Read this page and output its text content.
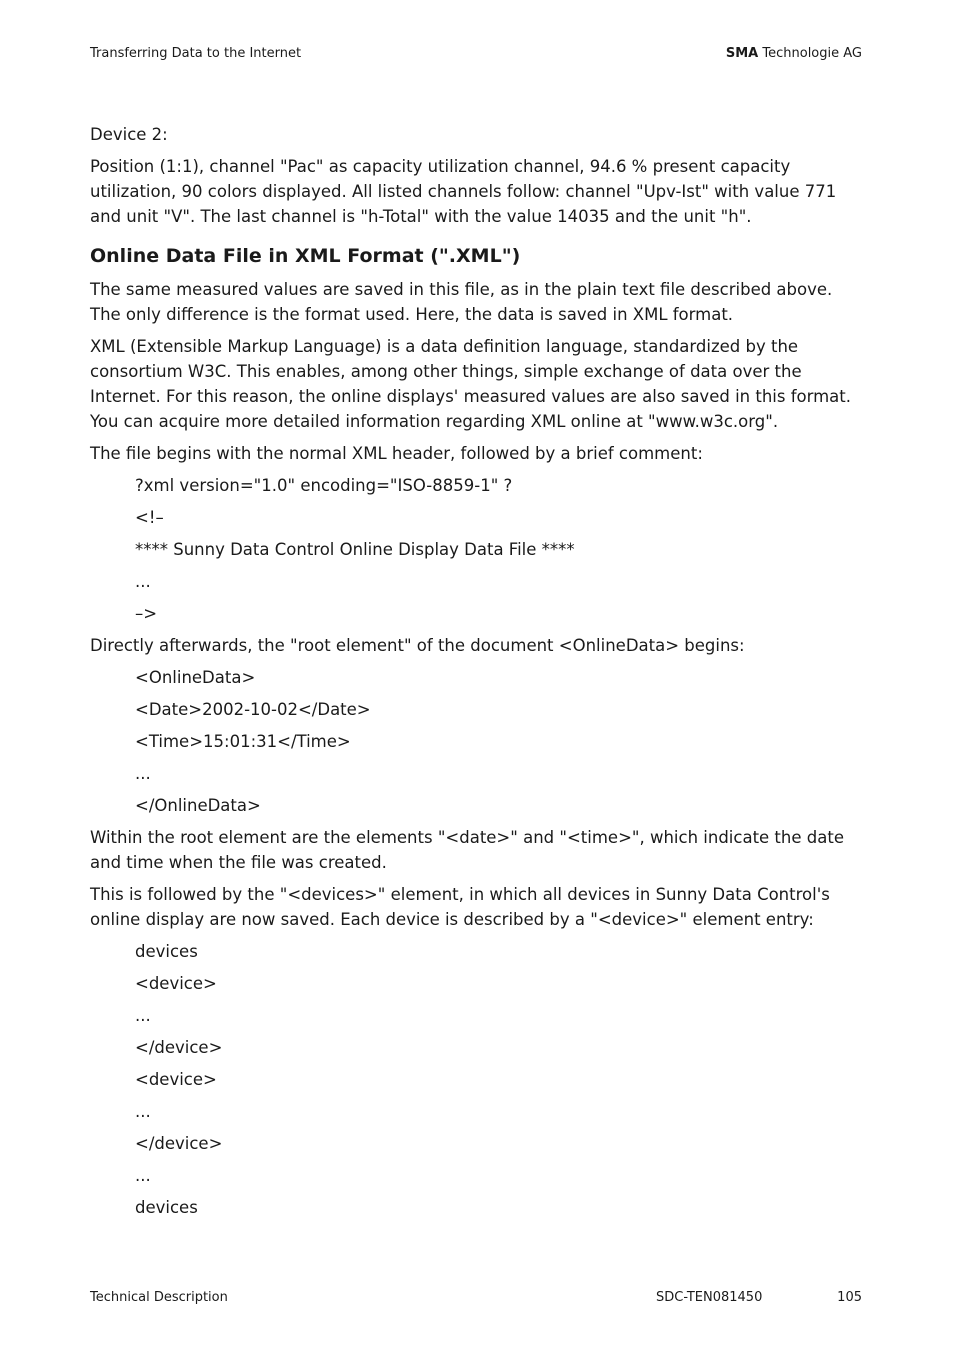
Transferring Data to the Internet	SMA Technologie AG

Device 2:

Position (1:1), channel "Pac" as capacity utilization channel, 94.6 % present capacity utilization, 90 colors displayed. All listed channels follow: channel "Upv-Ist" with value 771 and unit "V". The last channel is "h-Total" with the value 14035 and the unit "h".

Online Data File in XML Format (".XML")

The same measured values are saved in this file, as in the plain text file described above. The only difference is the format used. Here, the data is saved in XML format.

XML (Extensible Markup Language) is a data definition language, standardized by the consortium W3C. This enables, among other things, simple exchange of data over the Internet. For this reason, the online displays' measured values are also saved in this format. You can acquire more detailed information regarding XML online at "www.w3c.org".

The file begins with the normal XML header, followed by a brief comment:

?xml version="1.0" encoding="ISO-8859-1" ?
<!–
**** Sunny Data Control Online Display Data File ****
...
–>

Directly afterwards, the "root element" of the document <OnlineData> begins:

<OnlineData>
<Date>2002-10-02</Date>
<Time>15:01:31</Time>
...
</OnlineData>

Within the root element are the elements "<date>" and "<time>", which indicate the date and time when the file was created.

This is followed by the "<devices>" element, in which all devices in Sunny Data Control's online display are now saved. Each device is described by a "<device>" element entry:

devices
<device>
...
</device>
<device>
...
</device>
...
devices
Technical Description	SDC-TEN081450	105
